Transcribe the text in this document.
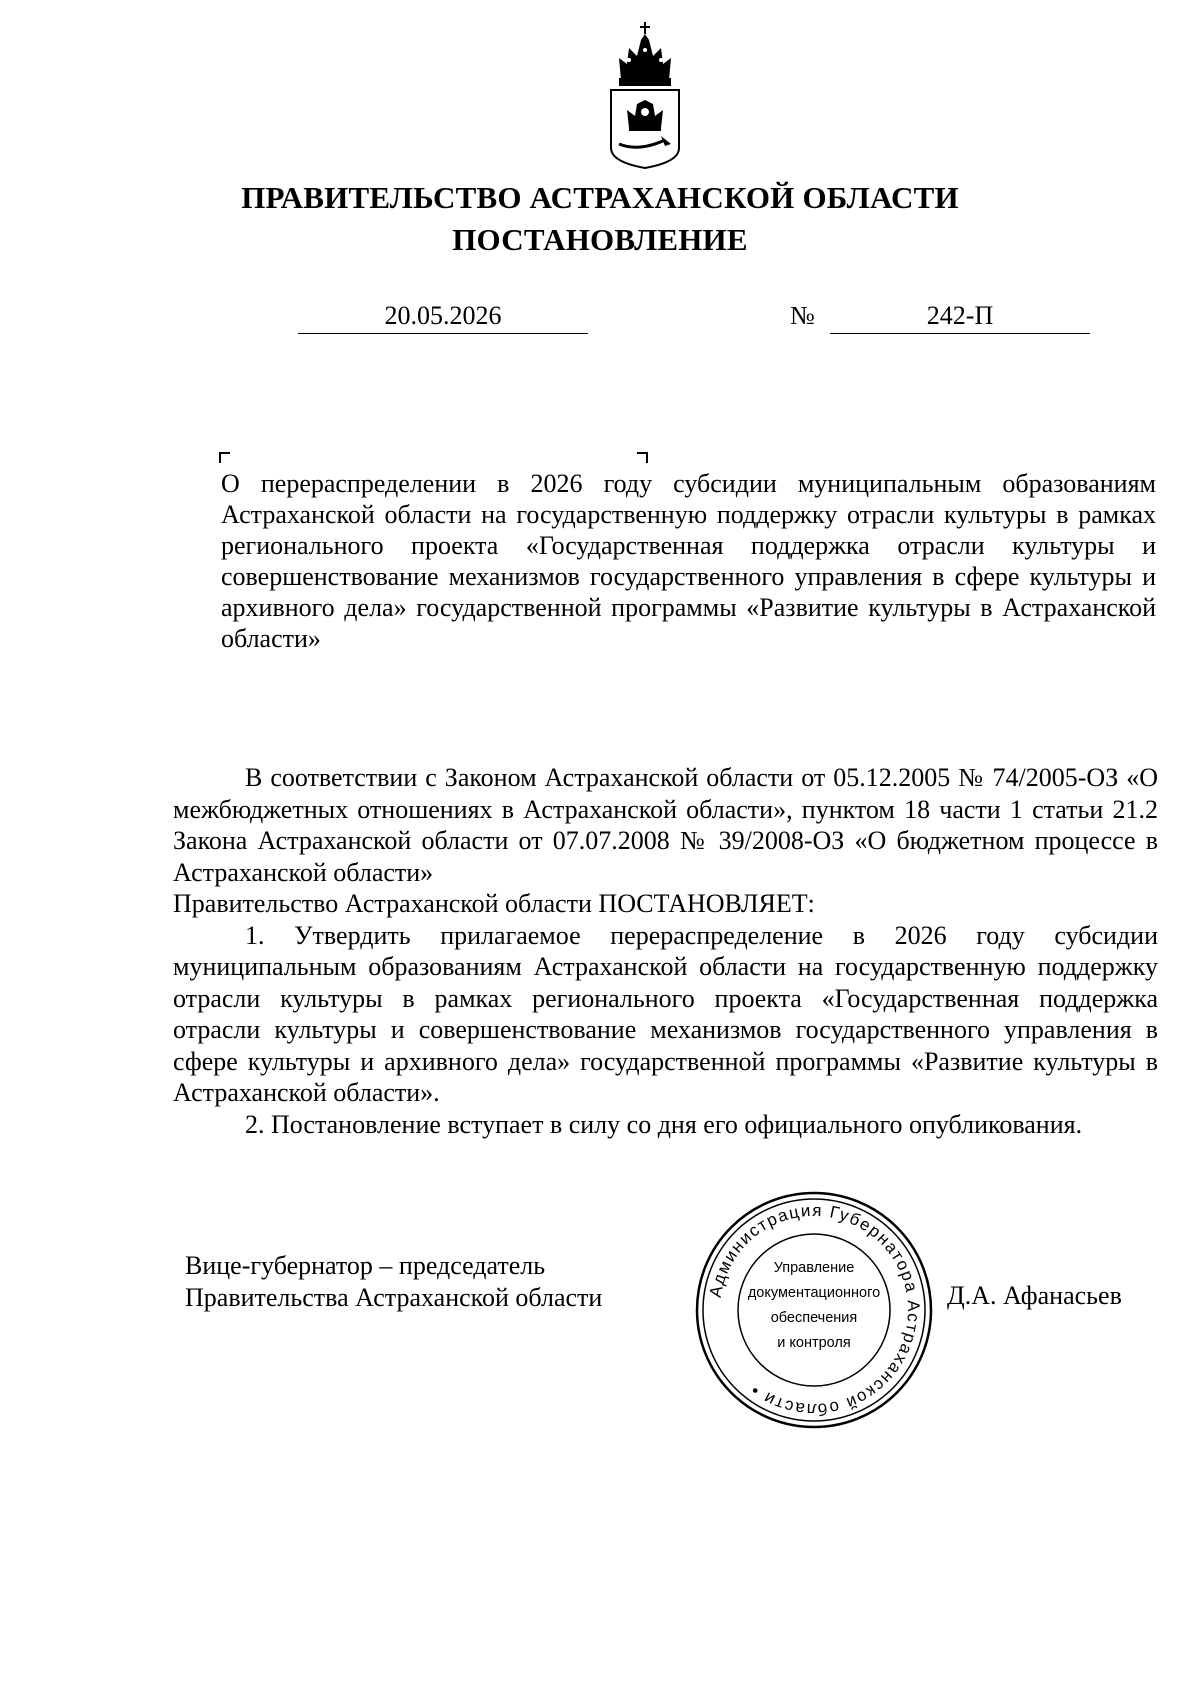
ПРАВИТЕЛЬСТВО АСТРАХАНСКОЙ ОБЛАСТИ
ПОСТАНОВЛЕНИЕ
20.05.2026	№	242-П
О перераспределении в 2026 году субсидии муниципальным образованиям Астраханской области на государственную поддержку отрасли культуры в рамках регионального проекта «Государственная поддержка отрасли культуры и совершенствование механизмов государственного управления в сфере культуры и архивного дела» государственной программы «Развитие культуры в Астраханской области»

В соответствии с Законом Астраханской области от 05.12.2005 № 74/2005-ОЗ «О межбюджетных отношениях в Астраханской области», пунктом 18 части 1 статьи 21.2 Закона Астраханской области от 07.07.2008 № 39/2008-ОЗ «О бюджетном процессе в Астраханской области»

Правительство Астраханской области ПОСТАНОВЛЯЕТ:

1. Утвердить прилагаемое перераспределение в 2026 году субсидии муниципальным образованиям Астраханской области на государственную поддержку отрасли культуры в рамках регионального проекта «Государственная поддержка отрасли культуры и совершенствование механизмов государственного управления в сфере культуры и архивного дела» государственной программы «Развитие культуры в Астраханской области».

2. Постановление вступает в силу со дня его официального опубликования.

Вице-губернатор – председатель
Правительства Астраханской области	Администрация Губернатора Астраханской области •
Управление
документационного
обеспечения
и контроля
Д.А. Афанасьев
